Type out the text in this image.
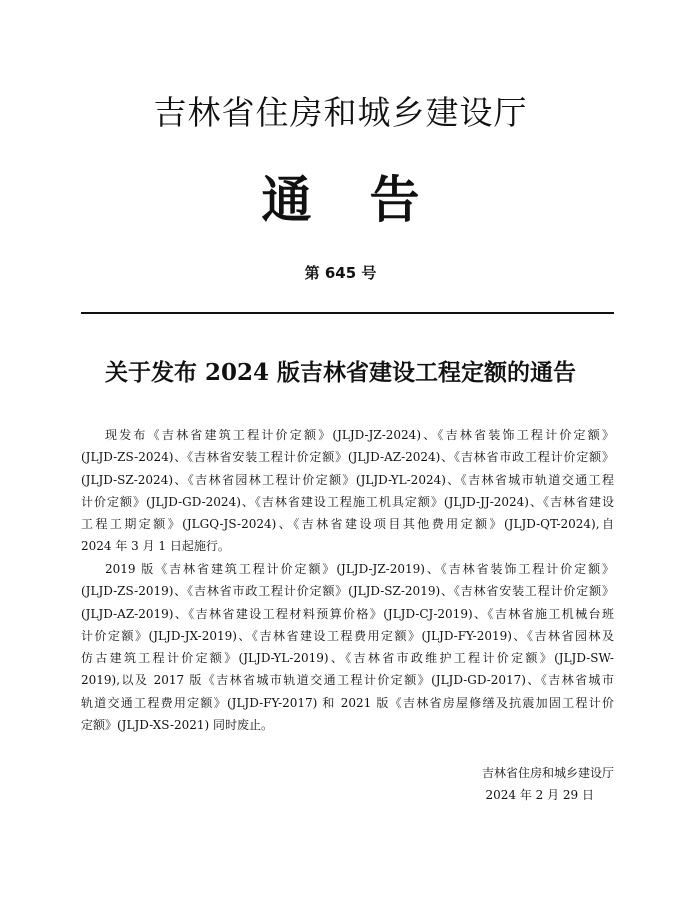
吉林省住房和城乡建设厅
通 告
第 645 号
关于发布 2024 版吉林省建设工程定额的通告
现发布《吉林省建筑工程计价定额》(JLJD-JZ-2024)、《吉林省装饰工程计价定额》
(JLJD-ZS-2024)、《吉林省安装工程计价定额》(JLJD-AZ-2024)、《吉林省市政工程计价定额》
(JLJD-SZ-2024)、《吉林省园林工程计价定额》(JLJD-YL-2024)、《吉林省城市轨道交通工程
计价定额》(JLJD-GD-2024)、《吉林省建设工程施工机具定额》(JLJD-JJ-2024)、《吉林省建设
工程工期定额》(JLGQ-JS-2024)、《吉林省建设项目其他费用定额》(JLJD-QT-2024),自
2024 年 3 月 1 日起施行。
2019 版《吉林省建筑工程计价定额》(JLJD-JZ-2019)、《吉林省装饰工程计价定额》
(JLJD-ZS-2019)、《吉林省市政工程计价定额》(JLJD-SZ-2019)、《吉林省安装工程计价定额》
(JLJD-AZ-2019)、《吉林省建设工程材料预算价格》(JLJD-CJ-2019)、《吉林省施工机械台班
计价定额》(JLJD-JX-2019)、《吉林省建设工程费用定额》(JLJD-FY-2019)、《吉林省园林及
仿古建筑工程计价定额》(JLJD-YL-2019)、《吉林省市政维护工程计价定额》(JLJD-SW-
2019),以及 2017 版《吉林省城市轨道交通工程计价定额》(JLJD-GD-2017)、《吉林省城市
轨道交通工程费用定额》(JLJD-FY-2017) 和 2021 版《吉林省房屋修缮及抗震加固工程计价
定额》(JLJD-XS-2021) 同时废止。
吉林省住房和城乡建设厅
2024 年 2 月 29 日
